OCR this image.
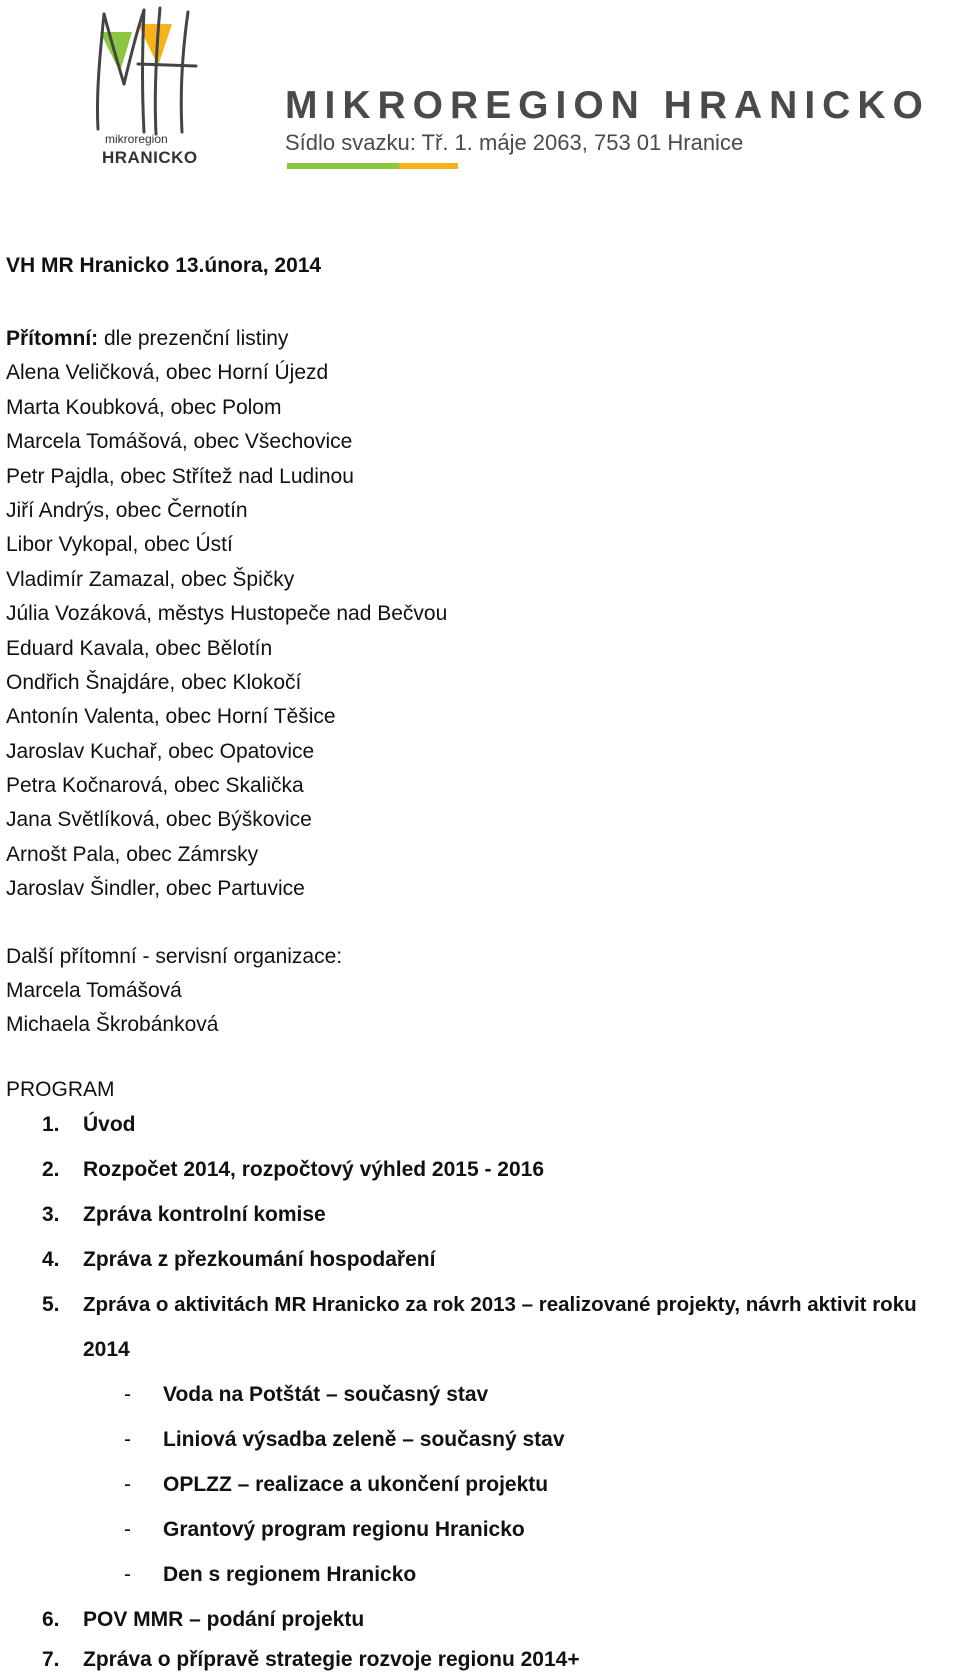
mikroregion
HRANICKO
MIKROREGION HRANICKO
Sídlo svazku: Tř. 1. máje 2063, 753 01 Hranice
VH MR Hranicko 13.února, 2014
Přítomní: dle prezenční listiny
Alena Veličková, obec Horní Újezd
Marta Koubková, obec Polom
Marcela Tomášová, obec Všechovice
Petr Pajdla, obec Střítež nad Ludinou
Jiří Andrýs, obec Černotín
Libor Vykopal, obec Ústí
Vladimír Zamazal, obec Špičky
Júlia Vozáková, městys Hustopeče nad Bečvou
Eduard Kavala, obec Bělotín
Ondřich Šnajdáre, obec Klokočí
Antonín Valenta, obec Horní Těšice
Jaroslav Kuchař, obec Opatovice
Petra Kočnarová, obec Skalička
Jana Světlíková, obec Býškovice
Arnošt Pala, obec Zámrsky
Jaroslav Šindler, obec Partuvice
Další přítomní - servisní organizace:
Marcela Tomášová
Michaela Škrobánková
PROGRAM
1. Úvod
2. Rozpočet 2014, rozpočtový výhled 2015 - 2016
3. Zpráva kontrolní komise
4. Zpráva z přezkoumání hospodaření
5. Zpráva o aktivitách MR Hranicko za rok 2013 – realizované projekty, návrh aktivit roku
2014
- Voda na Potštát – současný stav
- Liniová výsadba zeleně – současný stav
- OPLZZ – realizace a ukončení projektu
- Grantový program regionu Hranicko
- Den s regionem Hranicko
6. POV MMR – podání projektu
7. Zpráva o přípravě strategie rozvoje regionu 2014+
